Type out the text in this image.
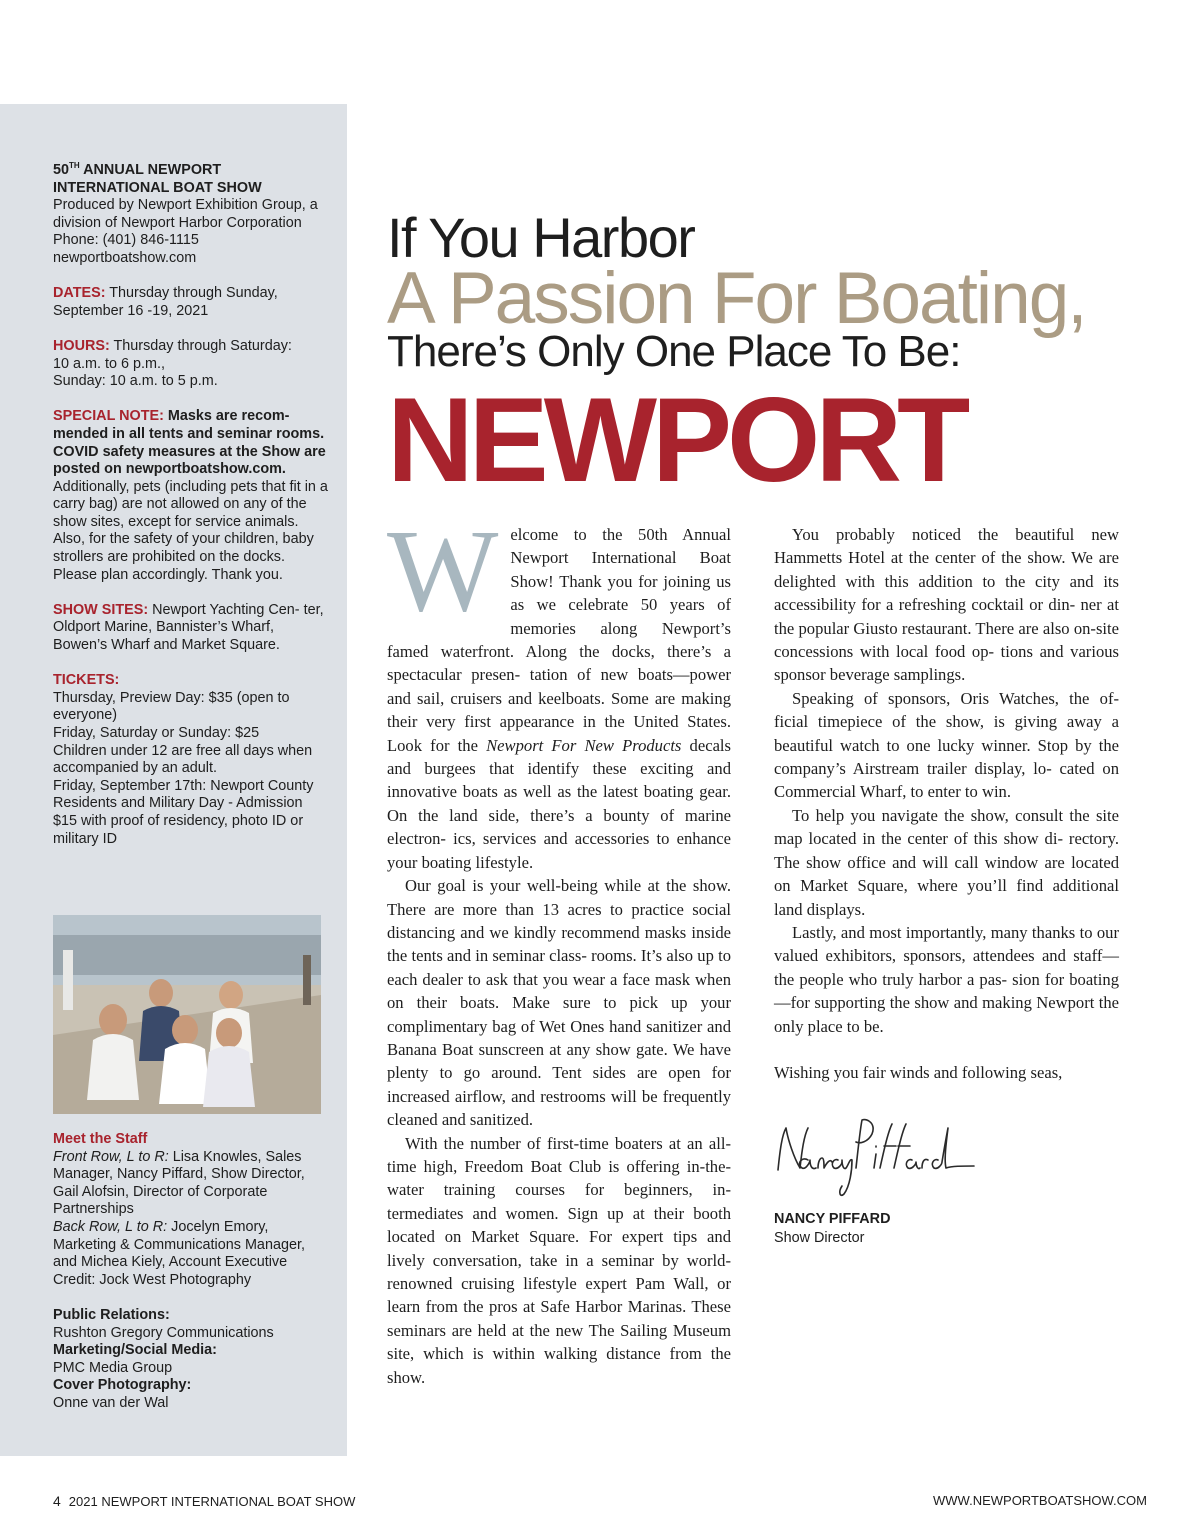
50TH ANNUAL NEWPORT INTERNATIONAL BOAT SHOW
Produced by Newport Exhibition Group, a division of Newport Harbor Corporation
Phone: (401) 846-1115
newportboatshow.com
DATES: Thursday through Sunday, September 16 -19, 2021
HOURS: Thursday through Saturday:
10 a.m. to 6 p.m.,
Sunday: 10 a.m. to 5 p.m.
SPECIAL NOTE: Masks are recom- mended in all tents and seminar rooms. COVID safety measures at the Show are posted on newportboatshow.com.
Additionally, pets (including pets that fit in a carry bag) are not allowed on any of the show sites, except for service animals. Also, for the safety of your children, baby strollers are prohibited on the docks. Please plan accordingly. Thank you.
SHOW SITES: Newport Yachting Cen- ter, Oldport Marine, Bannister’s Wharf, Bowen’s Wharf and Market Square.
TICKETS:
Thursday, Preview Day: $35 (open to everyone)
Friday, Saturday or Sunday: $25
Children under 12 are free all days when accompanied by an adult.
Friday, September 17th: Newport County Residents and Military Day - Admission $15 with proof of residency, photo ID or military ID
Meet the Staff
Front Row, L to R: Lisa Knowles, Sales Manager, Nancy Piffard, Show Director, Gail Alofsin, Director of Corporate Partnerships
Back Row, L to R: Jocelyn Emory, Marketing & Communications Manager, and Michea Kiely, Account Executive
Credit: Jock West Photography
Public Relations:
Rushton Gregory Communications
Marketing/Social Media:
PMC Media Group
Cover Photography:
Onne van der Wal
If You Harbor
A Passion For Boating,
There’s Only One Place To Be:
NEWPORT

Welcome to the 50th Annual Newport International Boat Show! Thank you for joining us as we celebrate 50 years of memories along Newport’s famed waterfront. Along the docks, there’s a spectacular presen- tation of new boats—power and sail, cruisers and keelboats. Some are making their very first appearance in the United States. Look for the Newport For New Products decals and burgees that identify these exciting and innovative boats as well as the latest boating gear. On the land side, there’s a bounty of marine electron- ics, services and accessories to enhance your boating lifestyle.

Our goal is your well-being while at the show. There are more than 13 acres to practice social distancing and we kindly recommend masks inside the tents and in seminar class- rooms. It’s also up to each dealer to ask that you wear a face mask when on their boats. Make sure to pick up your complimentary bag of Wet Ones hand sanitizer and Banana Boat sunscreen at any show gate. We have plenty to go around. Tent sides are open for increased airflow, and restrooms will be frequently cleaned and sanitized.

With the number of first-time boaters at an all-time high, Freedom Boat Club is offering in-the-water training courses for beginners, in- termediates and women. Sign up at their booth located on Market Square. For expert tips and lively conversation, take in a seminar by world- renowned cruising lifestyle expert Pam Wall, or learn from the pros at Safe Harbor Marinas. These seminars are held at the new The Sailing Museum site, which is within walking distance from the show.

You probably noticed the beautiful new Hammetts Hotel at the center of the show. We are delighted with this addition to the city and its accessibility for a refreshing cocktail or din- ner at the popular Giusto restaurant. There are also on-site concessions with local food op- tions and various sponsor beverage samplings.

Speaking of sponsors, Oris Watches, the of- ficial timepiece of the show, is giving away a beautiful watch to one lucky winner. Stop by the company’s Airstream trailer display, lo- cated on Commercial Wharf, to enter to win.

To help you navigate the show, consult the site map located in the center of this show di- rectory. The show office and will call window are located on Market Square, where you’ll find additional land displays.

Lastly, and most importantly, many thanks to our valued exhibitors, sponsors, attendees and staff—the people who truly harbor a pas- sion for boating—for supporting the show and making Newport the only place to be.

Wishing you fair winds and following seas,

NANCY PIFFARD
Show Director
4 2021 NEWPORT INTERNATIONAL BOAT SHOW	WWW.NEWPORTBOATSHOW.COM
